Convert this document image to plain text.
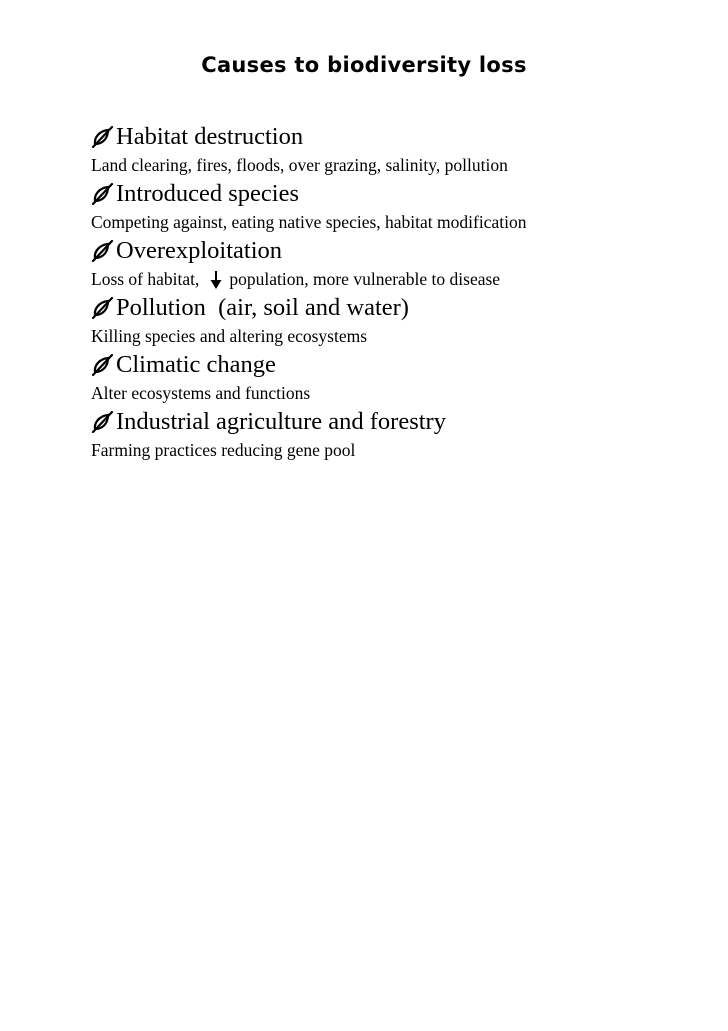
Causes to biodiversity loss
Habitat destruction
Land clearing, fires, floods, over grazing, salinity, pollution
Introduced species
Competing against, eating native species, habitat modification
Overexploitation
Loss of habitat, population, more vulnerable to disease
Pollution  (air, soil and water)
Killing species and altering ecosystems
Climatic change
Alter ecosystems and functions
Industrial agriculture and forestry
Farming practices reducing gene pool
